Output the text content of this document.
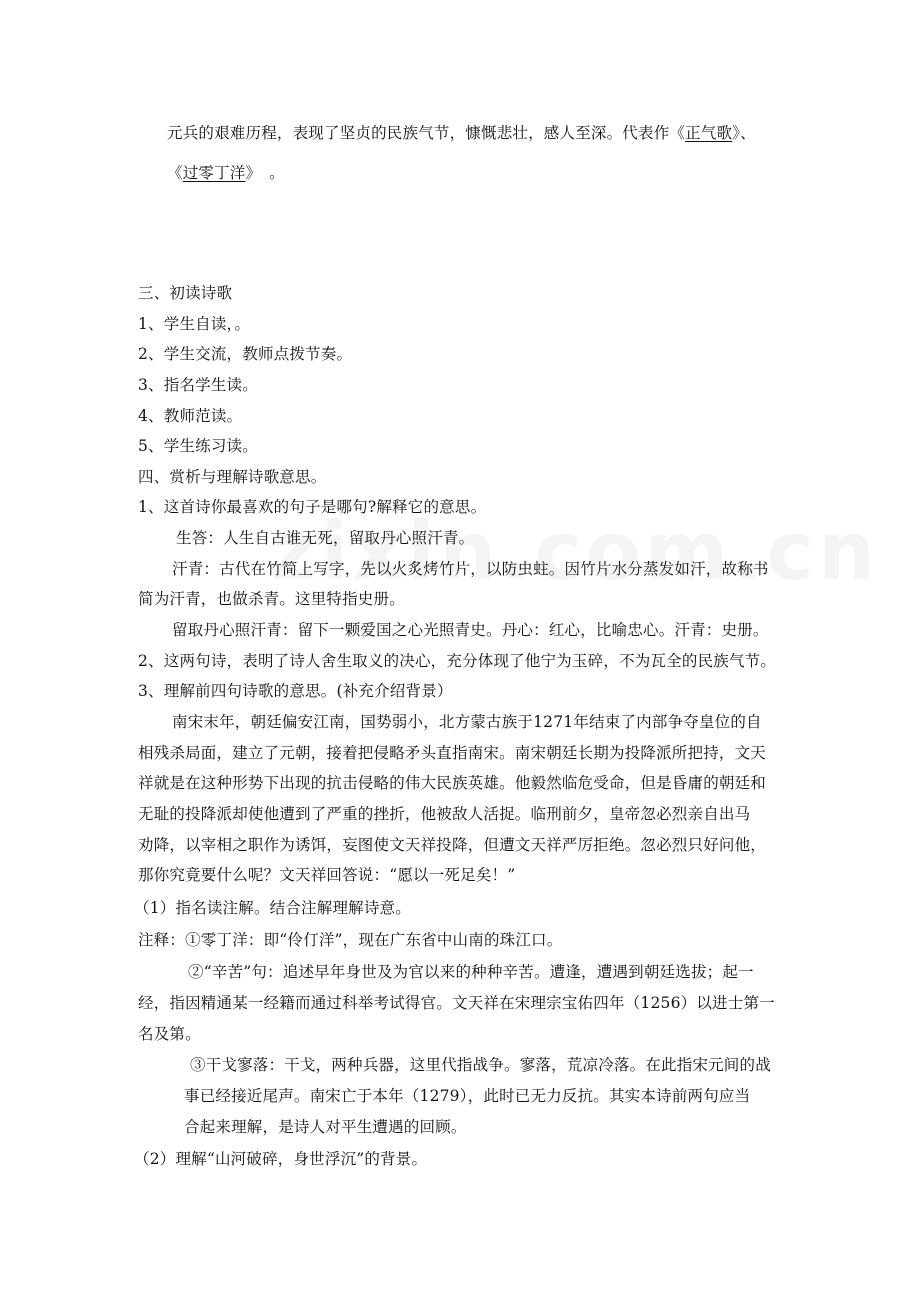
元兵的艰难历程，表现了坚贞的民族气节，慷慨悲壮，感人至深。代表作《正气歌》、
《过零丁洋》　。
三、初读诗歌
1、学生自读，。
2、学生交流，教师点拨节奏。
3、指名学生读。
4、教师范读。
5、学生练习读。
四、赏析与理解诗歌意思。
1、这首诗你最喜欢的句子是哪句?解释它的意思。
生答：人生自古谁无死，留取丹心照汗青。
汗青：古代在竹简上写字，先以火炙烤竹片，以防虫蛀。因竹片水分蒸发如汗，故称书
简为汗青，也做杀青。这里特指史册。
留取丹心照汗青：留下一颗爱国之心光照青史。丹心：红心，比喻忠心。汗青：史册。
2、这两句诗，表明了诗人舍生取义的决心，充分体现了他宁为玉碎，不为瓦全的民族气节。
3、理解前四句诗歌的意思。(补充介绍背景）
南宋末年，朝廷偏安江南，国势弱小，北方蒙古族于1271年结束了内部争夺皇位的自
相残杀局面，建立了元朝，接着把侵略矛头直指南宋。南宋朝廷长期为投降派所把持，文天
祥就是在这种形势下出现的抗击侵略的伟大民族英雄。他毅然临危受命，但是昏庸的朝廷和
无耻的投降派却使他遭到了严重的挫折，他被敌人活捉。临刑前夕，皇帝忽必烈亲自出马
劝降，以宰相之职作为诱饵，妄图使文天祥投降，但遭文天祥严厉拒绝。忽必烈只好问他，
那你究竟要什么呢？文天祥回答说：“愿以一死足矣！”
（1）指名读注解。结合注解理解诗意。
注释：①零丁洋：即“伶仃洋”，现在广东省中山南的珠江口。
②“辛苦”句：追述早年身世及为官以来的种种辛苦。遭逢，遭遇到朝廷选拔；起一
经，指因精通某一经籍而通过科举考试得官。文天祥在宋理宗宝佑四年（1256）以进士第一
名及第。
③干戈寥落：干戈，两种兵器，这里代指战争。寥落，荒凉冷落。在此指宋元间的战
事已经接近尾声。南宋亡于本年（1279），此时已无力反抗。其实本诗前两句应当
合起来理解，是诗人对平生遭遇的回顾。
（2）理解“山河破碎，身世浮沉”的背景。
